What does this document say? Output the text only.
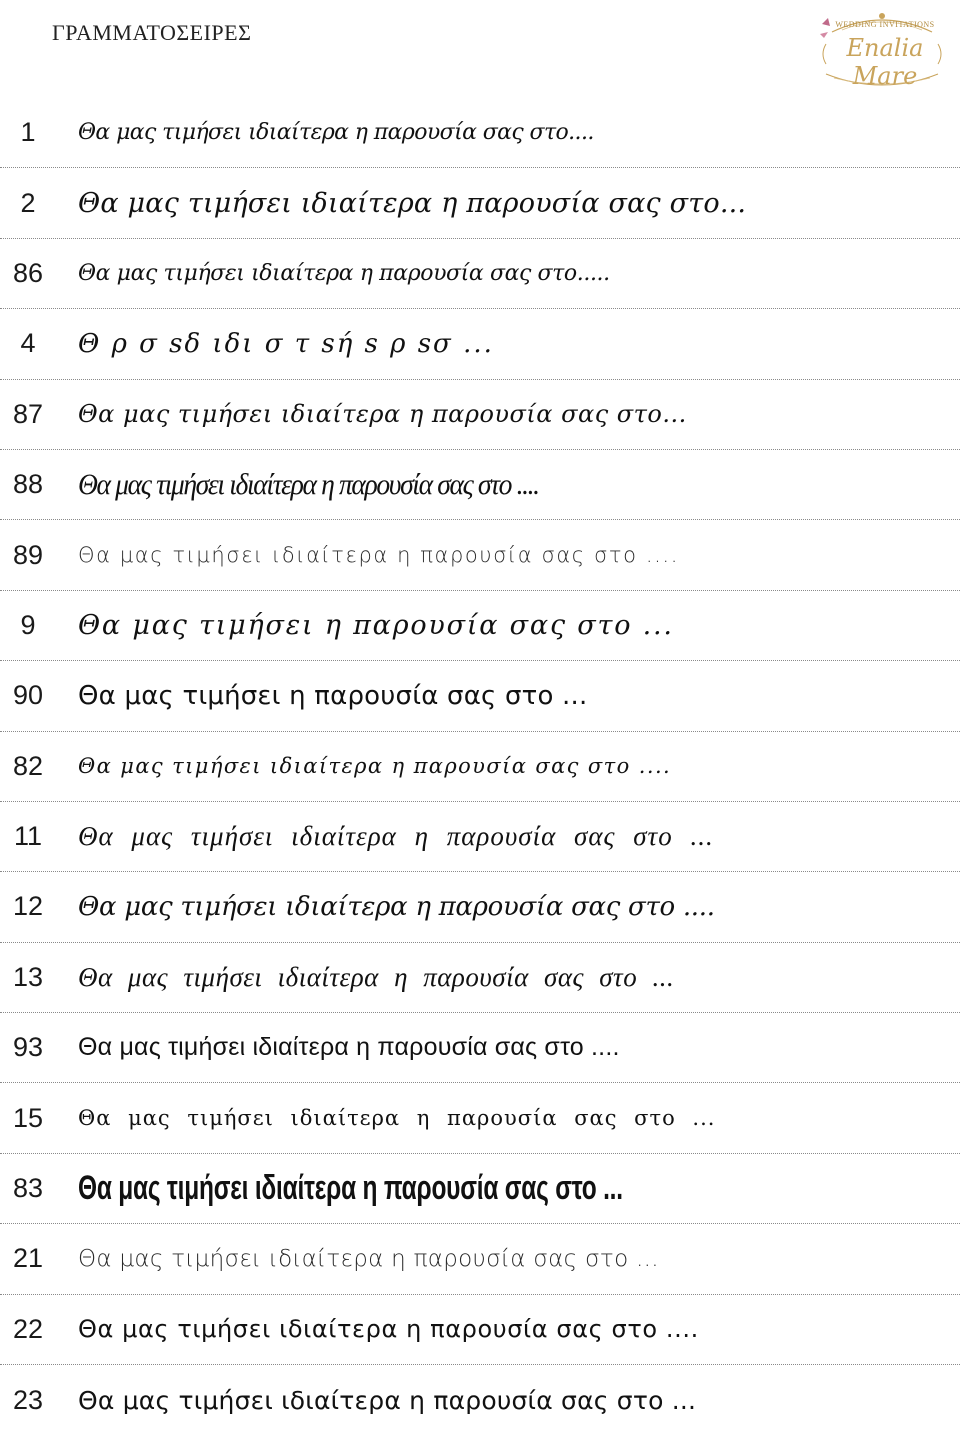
ΓΡΑΜΜΑΤΟΣΕΙΡΕΣ	WEDDING INVITATIONS
Enalia Mare
1	Θα μας τιμήσει ιδιαίτερα η παρουσία σας στο....
2	Θα μας τιμήσει ιδιαίτερα η παρουσία σας στο...
86	Θα μας τιμήσει ιδιαίτερα η παρουσία σας στο.....
4	Θ ρ σ sδ ιδι σ τ sή s ρ sσ ...
87	Θα μας τιμήσει ιδιαίτερα η παρουσία σας στο...
88	Θα μας τιμήσει ιδιαίτερα η παρουσία σας στο ....
89	Θα μας τιμήσει ιδιαίτερα η παρουσία σας στο ....
9	Θα μας τιμήσει η παρουσία σας στο ...
90	Θα μας τιμήσει η παρουσία σας στο ...
82	Θα μας τιμήσει ιδιαίτερα η παρουσία σας στο ....
11	Θα μας τιμήσει ιδιαίτερα η παρουσία σας στο ...
12	Θα μας τιμήσει ιδιαίτερα η παρουσία σας στο ....
13	Θα μας τιμήσει ιδιαίτερα η παρουσία σας στο ...
93	Θα μας τιμήσει ιδιαίτερα η παρουσία σας στο ....
15	Θα μας τιμήσει ιδιαίτερα η παρουσία σας στο ...
83	Θα μας τιμήσει ιδιαίτερα η παρουσία σας στο ...
21	Θα μας τιμήσει ιδιαίτερα η παρουσία σας στο ...
22	Θα μας τιμήσει ιδιαίτερα η παρουσία σας στο ....
23	Θα μας τιμήσει ιδιαίτερα η παρουσία σας στο ...
